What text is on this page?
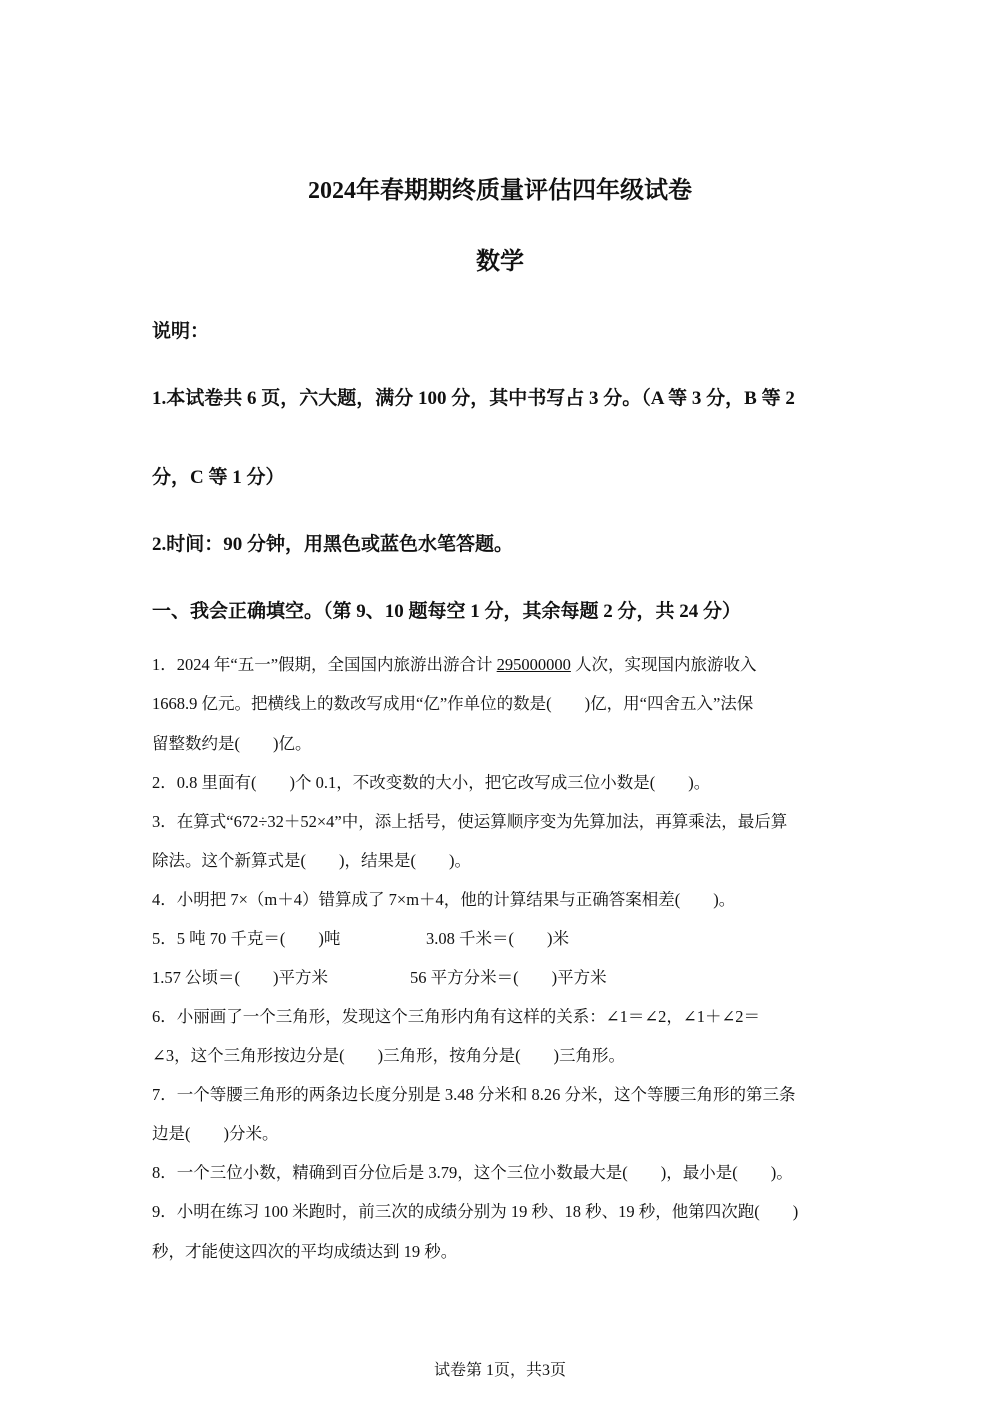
2024年春期期终质量评估四年级试卷
数学
说明：
1.本试卷共 6 页，六大题，满分 100 分，其中书写占 3 分。（A 等 3 分，B 等 2
分，C 等 1 分）
2.时间：90 分钟，用黑色或蓝色水笔答题。
一、我会正确填空。（第 9、10 题每空 1 分，其余每题 2 分，共 24 分）
1．2024 年“五一”假期，全国国内旅游出游合计 295000000 人次，实现国内旅游收入
1668.9 亿元。把横线上的数改写成用“亿”作单位的数是(　　)亿，用“四舍五入”法保
留整数约是(　　)亿。
2．0.8 里面有(　　)个 0.1，不改变数的大小，把它改写成三位小数是(　　)。
3．在算式“672÷32＋52×4”中，添上括号，使运算顺序变为先算加法，再算乘法，最后算
除法。这个新算式是(　　)，结果是(　　)。
4．小明把 7×（m＋4）错算成了 7×m＋4，他的计算结果与正确答案相差(　　)。
5．5 吨 70 千克＝(　　)吨	3.08 千米＝(　　)米
1.57 公顷＝(　　)平方米	56 平方分米＝(　　)平方米
6．小丽画了一个三角形，发现这个三角形内角有这样的关系：∠1＝∠2，∠1＋∠2＝
∠3，这个三角形按边分是(　　)三角形，按角分是(　　)三角形。
7．一个等腰三角形的两条边长度分别是 3.48 分米和 8.26 分米，这个等腰三角形的第三条
边是(　　)分米。
8．一个三位小数，精确到百分位后是 3.79，这个三位小数最大是(　　)，最小是(　　)。
9．小明在练习 100 米跑时，前三次的成绩分别为 19 秒、18 秒、19 秒，他第四次跑(　　)
秒，才能使这四次的平均成绩达到 19 秒。
试卷第 1页，共3页
